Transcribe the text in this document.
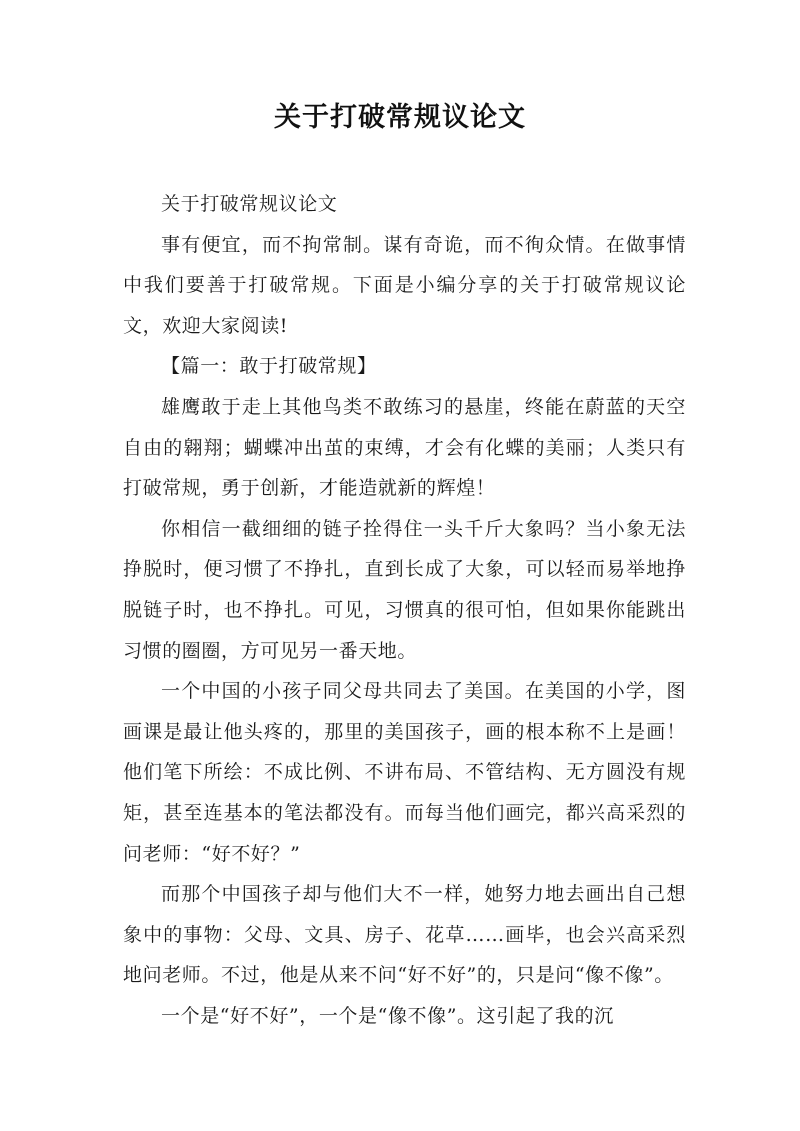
关于打破常规议论文

关于打破常规议论文

事有便宜，而不拘常制。谋有奇诡，而不徇众情。在做事情中我们要善于打破常规。下面是小编分享的关于打破常规议论文，欢迎大家阅读!

【篇一：敢于打破常规】

雄鹰敢于走上其他鸟类不敢练习的悬崖，终能在蔚蓝的天空自由的翱翔；蝴蝶冲出茧的束缚，才会有化蝶的美丽；人类只有打破常规，勇于创新，才能造就新的辉煌！

你相信一截细细的链子拴得住一头千斤大象吗？当小象无法挣脱时，便习惯了不挣扎，直到长成了大象，可以轻而易举地挣脱链子时，也不挣扎。可见，习惯真的很可怕，但如果你能跳出习惯的圈圈，方可见另一番天地。

一个中国的小孩子同父母共同去了美国。在美国的小学，图画课是最让他头疼的，那里的美国孩子，画的根本称不上是画！他们笔下所绘：不成比例、不讲布局、不管结构、无方圆没有规矩，甚至连基本的笔法都没有。而每当他们画完，都兴高采烈的问老师：“好不好？”

而那个中国孩子却与他们大不一样，她努力地去画出自己想象中的事物：父母、文具、房子、花草……画毕，也会兴高采烈地问老师。不过，他是从来不问“好不好”的，只是问“像不像”。

一个是“好不好”，一个是“像不像”。这引起了我的沉
